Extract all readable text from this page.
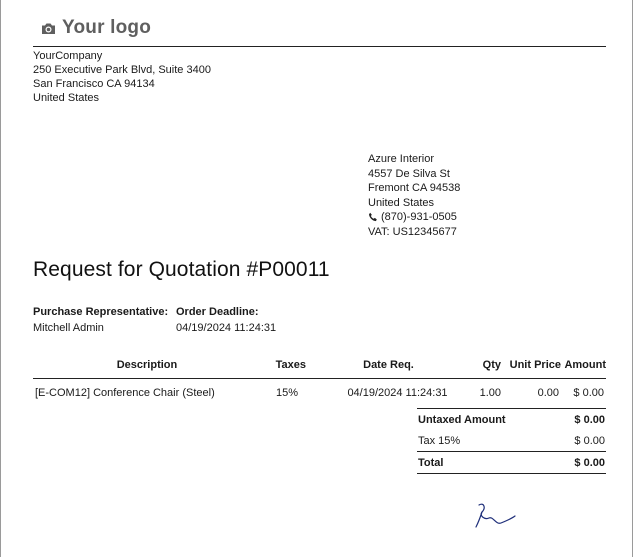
Your logo
YourCompany
250 Executive Park Blvd, Suite 3400
San Francisco CA 94134
United States
Azure Interior
4557 De Silva St
Fremont CA 94538
United States
(870)-931-0505
VAT: US12345677
Request for Quotation #P00011
Purchase Representative:
Mitchell Admin
Order Deadline:
04/19/2024 11:24:31
Description	Taxes	Date Req.	Qty	Unit Price	Amount
[E-COM12] Conference Chair (Steel)	15%	04/19/2024 11:24:31	1.00	0.00	$ 0.00
Untaxed Amount	$ 0.00
Tax 15%	$ 0.00
Total	$ 0.00
